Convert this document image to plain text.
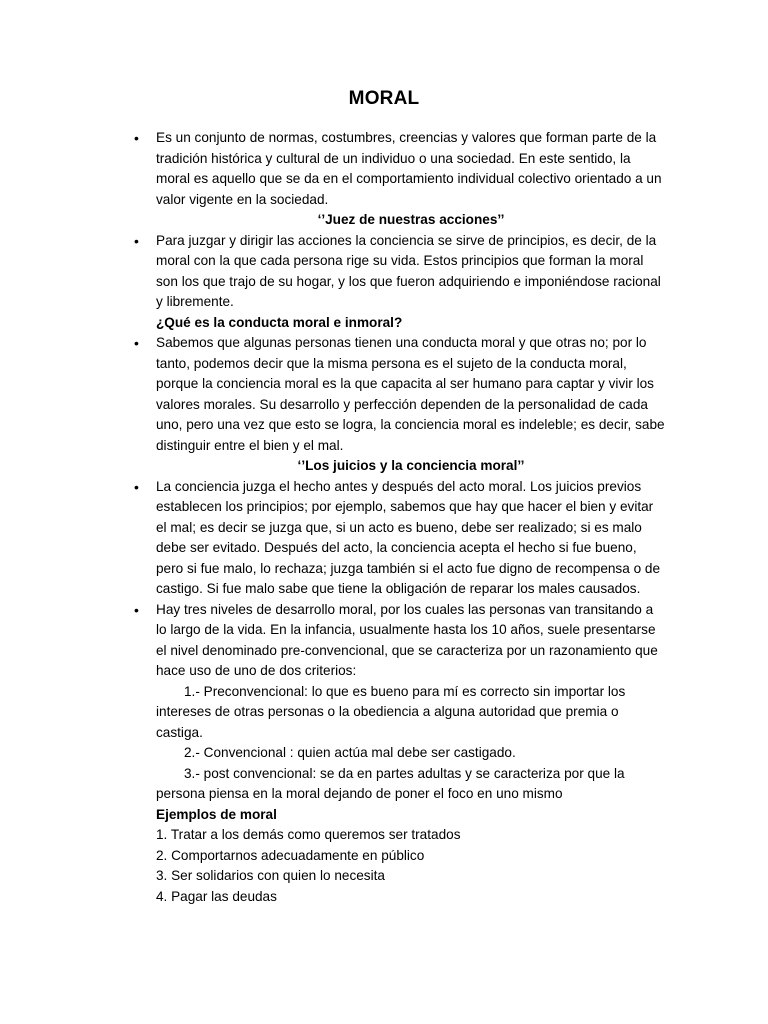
MORAL

• Es un conjunto de normas, costumbres, creencias y valores que forman parte de la tradición histórica y cultural de un individuo o una sociedad. En este sentido, la moral es aquello que se da en el comportamiento individual colectivo orientado a un valor vigente en la sociedad.

‘’Juez de nuestras acciones’’

• Para juzgar y dirigir las acciones la conciencia se sirve de principios, es decir, de la moral con la que cada persona rige su vida. Estos principios que forman la moral son los que trajo de su hogar, y los que fueron adquiriendo e imponiéndose racional y libremente.

¿Qué es la conducta moral e inmoral?

• Sabemos que algunas personas tienen una conducta moral y que otras no; por lo tanto, podemos decir que la misma persona es el sujeto de la conducta moral, porque la conciencia moral es la que capacita al ser humano para captar y vivir los valores morales. Su desarrollo y perfección dependen de la personalidad de cada uno, pero una vez que esto se logra, la conciencia moral es indeleble; es decir, sabe distinguir entre el bien y el mal.

‘’Los juicios y la conciencia moral’’

• La conciencia juzga el hecho antes y después del acto moral. Los juicios previos establecen los principios; por ejemplo, sabemos que hay que hacer el bien y evitar el mal; es decir se juzga que, si un acto es bueno, debe ser realizado; si es malo debe ser evitado. Después del acto, la conciencia acepta el hecho si fue bueno, pero si fue malo, lo rechaza; juzga también si el acto fue digno de recompensa o de castigo. Si fue malo sabe que tiene la obligación de reparar los males causados.

• Hay tres niveles de desarrollo moral, por los cuales las personas van transitando a lo largo de la vida. En la infancia, usualmente hasta los 10 años, suele presentarse el nivel denominado pre-convencional, que se caracteriza por un razonamiento que hace uso de uno de dos criterios:

1.- Preconvencional: lo que es bueno para mí es correcto sin importar los intereses de otras personas o la obediencia a alguna autoridad que premia o castiga.

2.- Convencional : quien actúa mal debe ser castigado.

3.- post convencional: se da en partes adultas y se caracteriza por que la persona piensa en la moral dejando de poner el foco en uno mismo

Ejemplos de moral

1. Tratar a los demás como queremos ser tratados

2. Comportarnos adecuadamente en público

3. Ser solidarios con quien lo necesita

4. Pagar las deudas
